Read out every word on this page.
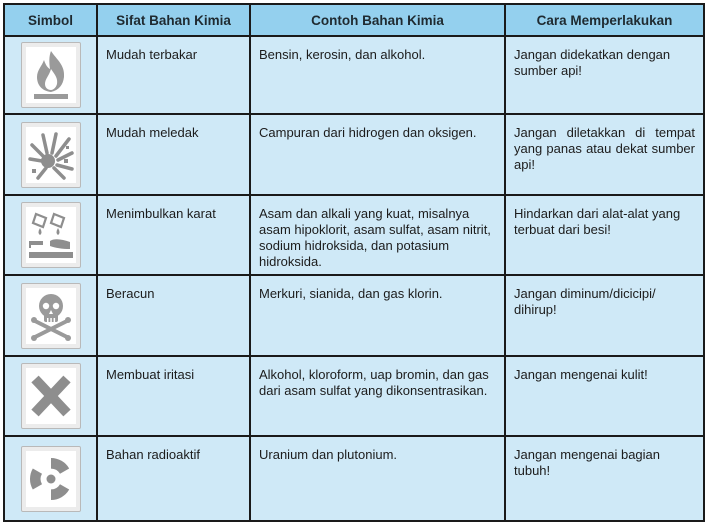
Simbol	Sifat Bahan Kimia	Contoh Bahan Kimia	Cara Memperlakukan

	Mudah terbakar	Bensin, kerosin, dan alkohol.	Jangan didekatkan dengan sumber api!

	Mudah meledak	Campuran dari hidrogen dan oksigen.	Jangan diletakkan di tempat yang panas atau dekat sumber api!

	Menimbulkan karat	Asam dan alkali yang kuat, misalnya asam hipoklorit, asam sulfat, asam nitrit, sodium hidroksida, dan potasium hidroksida.	Hindarkan dari alat-alat yang terbuat dari besi!

	Beracun	Merkuri, sianida, dan gas klorin.	Jangan diminum/dicicipi/ dihirup!

	Membuat iritasi	Alkohol, kloroform, uap bromin, dan gas dari asam sulfat yang dikonsentrasikan.	Jangan mengenai kulit!

	Bahan radioaktif	Uranium dan plutonium.	Jangan mengenai bagian tubuh!
